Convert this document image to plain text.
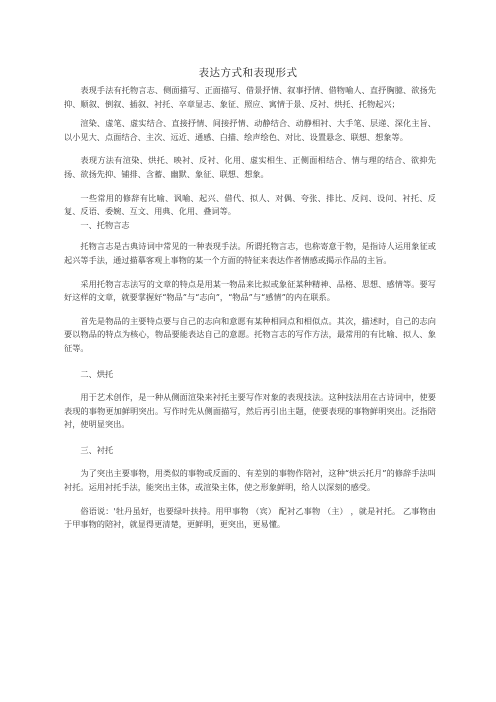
表达方式和表现形式

表现手法有托物言志、侧面描写、正面描写、借景抒情、叙事抒情、借物喻人、直抒胸臆、欲扬先抑、顺叙、倒叙、插叙、衬托、卒章显志、象征、照应、寓情于景、反衬、烘托、托物起兴；

渲染、虚笔、虚实结合、直接抒情、间接抒情、动静结合、动静相衬、大手笔、层递、深化主旨、以小见大、点面结合、主次、远近、通感、白描、绘声绘色、对比、设置悬念、联想、想象等。

表现方法有渲染、烘托、映衬、反衬、化用、虚实相生、正侧面相结合、情与理的结合、欲抑先扬、欲扬先抑、铺排、含蓄、幽默、象征、联想、想象。

一些常用的修辞有比喻、讽喻、起兴、借代、拟人、对偶、夸张、排比、反问、设问、衬托、反复、反语、委婉、互文、用典、化用、叠词等。

一、托物言志

托物言志是古典诗词中常见的一种表现手法。所谓托物言志，也称寄意于物，是指诗人运用象征或起兴等手法，通过描摹客观上事物的某一个方面的特征来表达作者情感或揭示作品的主旨。

采用托物言志法写的文章的特点是用某一物品来比拟或象征某种精神、品格、思想、感情等。要写好这样的文章，就要掌握好“物品”与“志向”，“物品”与“感情”的内在联系。

首先是物品的主要特点要与自己的志向和意愿有某种相同点和相似点。其次，描述时，自己的志向要以物品的特点为核心，物品要能表达自己的意愿。托物言志的写作方法，最常用的有比喻、拟人、象征等。

二、烘托

用于艺术创作，是一种从侧面渲染来衬托主要写作对象的表现技法。这种技法用在古诗词中，使要表现的事物更加鲜明突出。写作时先从侧面描写，然后再引出主题，使要表现的事物鲜明突出。泛指陪衬，使明显突出。

三、衬托

为了突出主要事物，用类似的事物或反面的、有差别的事物作陪衬，这种“烘云托月”的修辞手法叫衬托。运用衬托手法，能突出主体，或渲染主体，使之形象鲜明，给人以深刻的感受。

俗语说：'牡丹虽好，也要绿叶扶持。用甲事物 （宾） 配衬乙事物 （主） ，就是衬托。 乙事物由于甲事物的陪衬，就显得更清楚，更鲜明，更突出，更易懂。
